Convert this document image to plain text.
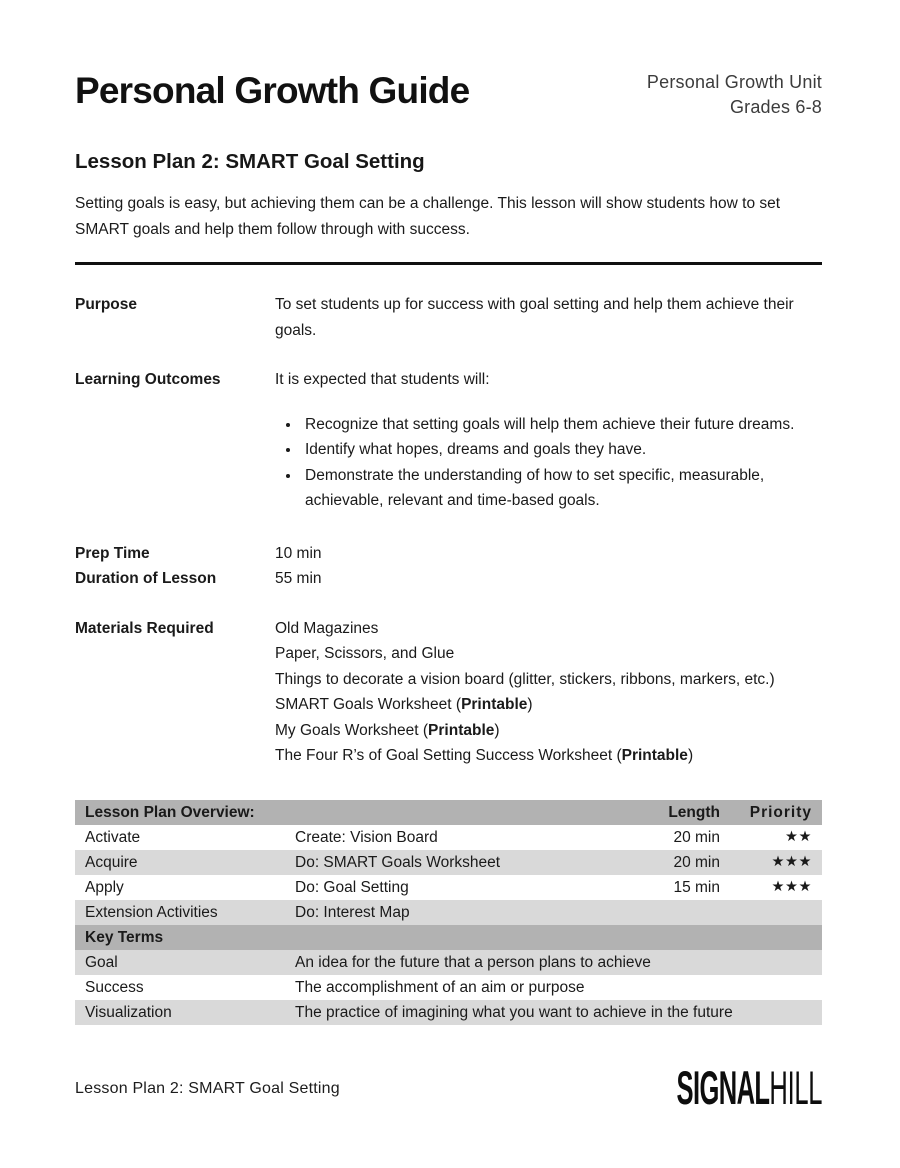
Personal Growth Guide	Personal Growth Unit
Grades 6-8
Lesson Plan 2: SMART Goal Setting
Setting goals is easy, but achieving them can be a challenge. This lesson will show students how to set SMART goals and help them follow through with success.
Purpose	To set students up for success with goal setting and help them achieve their goals.
Learning Outcomes	It is expected that students will:
• Recognize that setting goals will help them achieve their future dreams.
• Identify what hopes, dreams and goals they have.
• Demonstrate the understanding of how to set specific, measurable, achievable, relevant and time-based goals.
Prep Time	10 min
Duration of Lesson	55 min
Materials Required	Old Magazines
Paper, Scissors, and Glue
Things to decorate a vision board (glitter, stickers, ribbons, markers, etc.)
SMART Goals Worksheet (Printable)
My Goals Worksheet (Printable)
The Four R’s of Goal Setting Success Worksheet (Printable)
Lesson Plan Overview:		Length	Priority
Activate	Create: Vision Board	20 min	★★
Acquire	Do: SMART Goals Worksheet	20 min	★★★
Apply	Do: Goal Setting	15 min	★★★
Extension Activities	Do: Interest Map		
Key Terms			
Goal	An idea for the future that a person plans to achieve		
Success	The accomplishment of an aim or purpose		
Visualization	The practice of imagining what you want to achieve in the future		
Lesson Plan 2: SMART Goal Setting	SIGNALHILL
